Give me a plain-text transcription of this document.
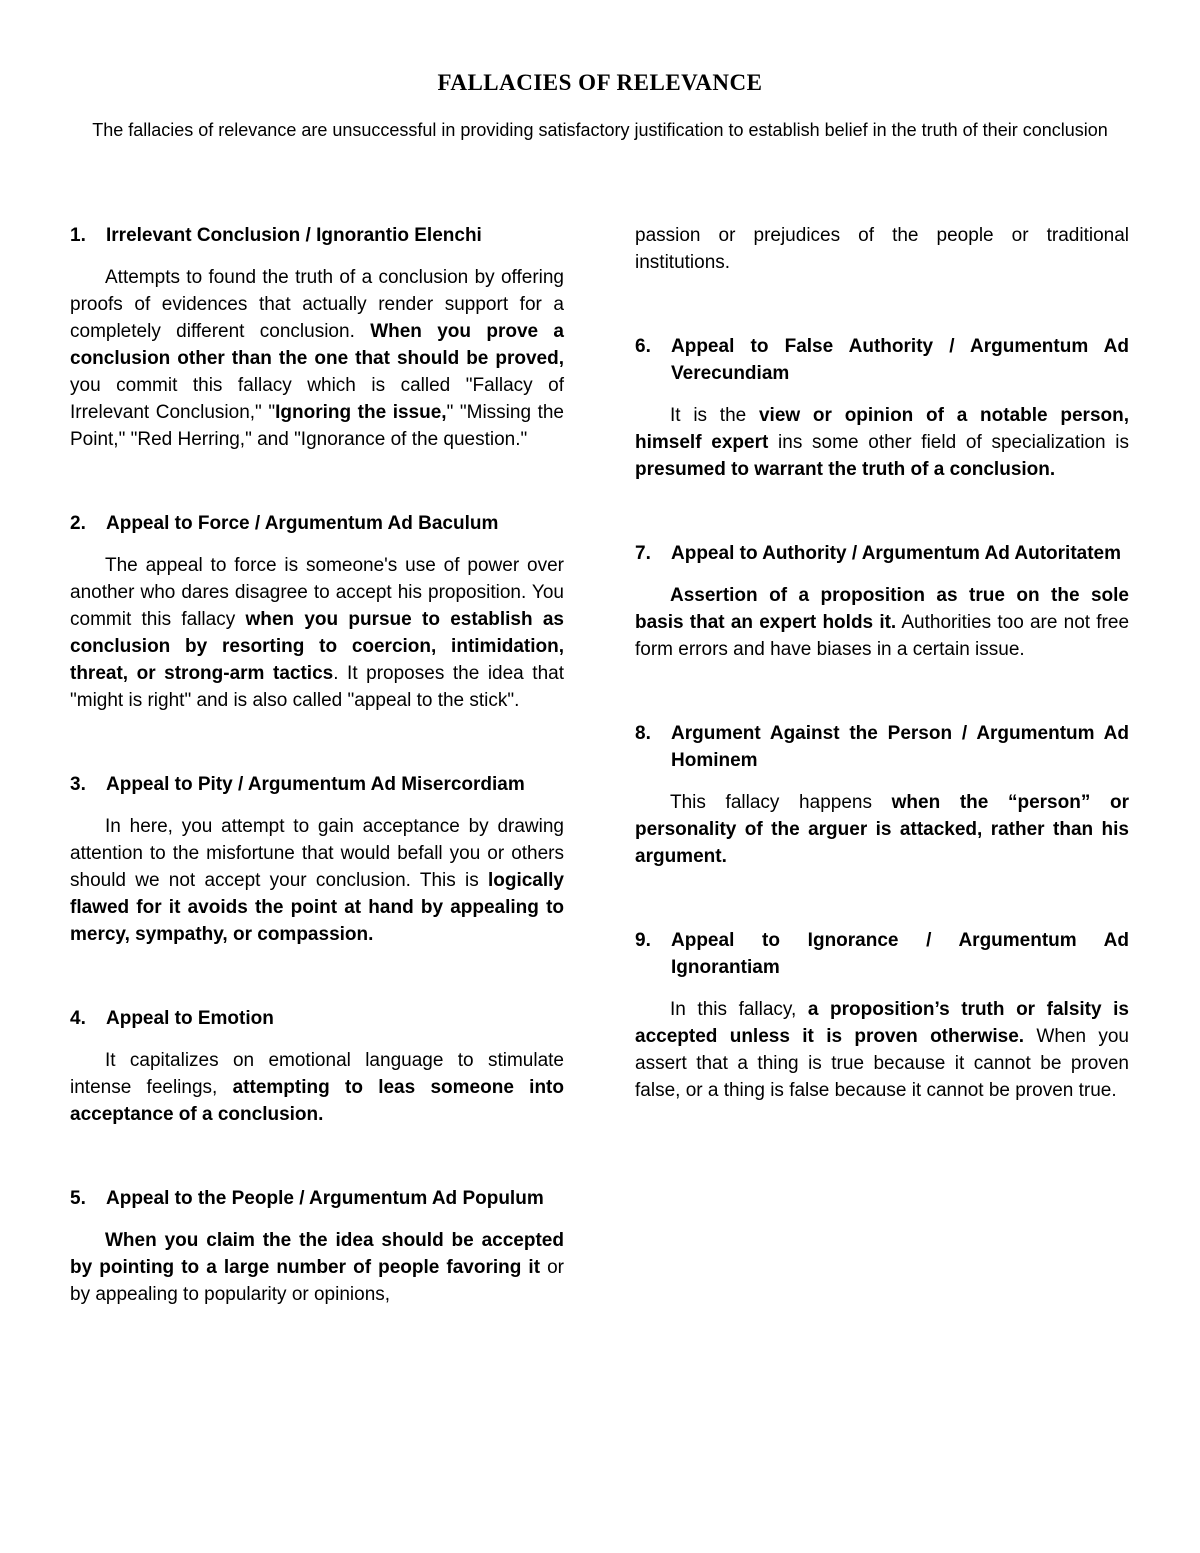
FALLACIES OF RELEVANCE

The fallacies of relevance are unsuccessful in providing satisfactory justification to establish belief in the truth of their conclusion

1.	Irrelevant Conclusion / Ignorantio Elenchi

Attempts to found the truth of a conclusion by offering proofs of evidences that actually render support for a completely different conclusion. When you prove a conclusion other than the one that should be proved, you commit this fallacy which is called "Fallacy of Irrelevant Conclusion," "Ignoring the issue," "Missing the Point," "Red Herring," and "Ignorance of the question."

2.	Appeal to Force / Argumentum Ad Baculum

The appeal to force is someone's use of power over another who dares disagree to accept his proposition. You commit this fallacy when you pursue to establish as conclusion by resorting to coercion, intimidation, threat, or strong-arm tactics. It proposes the idea that "might is right" and is also called "appeal to the stick".

3.	Appeal to Pity / Argumentum Ad Misercordiam

In here, you attempt to gain acceptance by drawing attention to the misfortune that would befall you or others should we not accept your conclusion. This is logically flawed for it avoids the point at hand by appealing to mercy, sympathy, or compassion.

4.	Appeal to Emotion

It capitalizes on emotional language to stimulate intense feelings, attempting to leas someone into acceptance of a conclusion.

5.	Appeal to the People / Argumentum Ad Populum

When you claim the the idea should be accepted by pointing to a large number of people favoring it or by appealing to popularity or opinions,

passion or prejudices of the people or traditional institutions.

6.	Appeal to False Authority / Argumentum Ad Verecundiam

It is the view or opinion of a notable person, himself expert ins some other field of specialization is presumed to warrant the truth of a conclusion.

7.	Appeal to Authority / Argumentum Ad Autoritatem

Assertion of a proposition as true on the sole basis that an expert holds it. Authorities too are not free form errors and have biases in a certain issue.

8.	Argument Against the Person / Argumentum Ad Hominem

This fallacy happens when the “person” or personality of the arguer is attacked, rather than his argument.

9.	Appeal to Ignorance / Argumentum Ad Ignorantiam

In this fallacy, a proposition’s truth or falsity is accepted unless it is proven otherwise. When you assert that a thing is true because it cannot be proven false, or a thing is false because it cannot be proven true.
